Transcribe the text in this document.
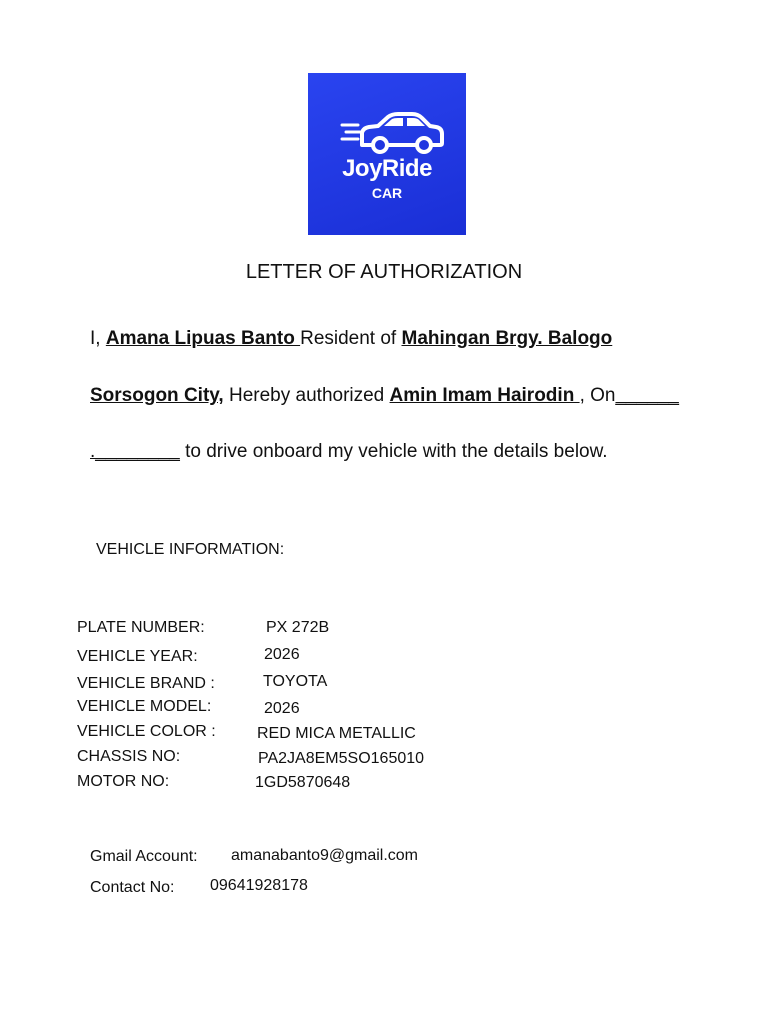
JoyRide
CAR
LETTER OF AUTHORIZATION
I, Amana Lipuas Banto Resident of Mahingan Brgy. Balogo
Sorsogon City, Hereby authorized Amin Imam Hairodin , On______
.________ to drive onboard my vehicle with the details below.
VEHICLE INFORMATION:
PLATE NUMBER:	PX 272B
VEHICLE YEAR:	2026
VEHICLE BRAND :	TOYOTA
VEHICLE MODEL:	2026
VEHICLE COLOR :	RED MICA METALLIC
CHASSIS NO:	PA2JA8EM5SO165010
MOTOR NO:	1GD5870648
Gmail Account: amanabanto9@gmail.com
Contact No: 09641928178
